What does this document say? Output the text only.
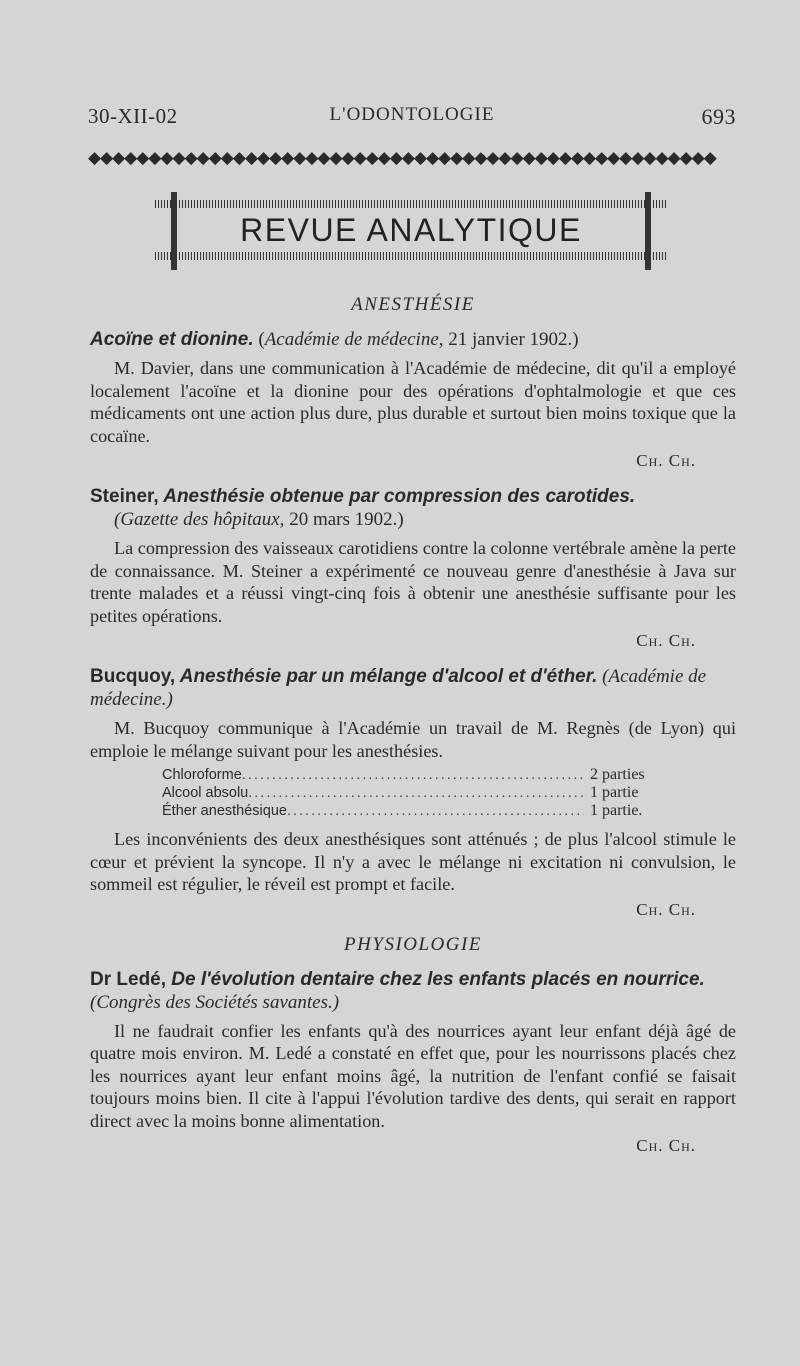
30-XII-02	L'ODONTOLOGIE	693
◆◆◆◆◆◆◆◆◆◆◆◆◆◆◆◆◆◆◆◆◆◆◆◆◆◆◆◆◆◆◆◆◆◆◆◆◆◆◆◆◆◆◆◆◆◆◆◆◆◆◆◆
REVUE ANALYTIQUE
ANESTHÉSIE
Acoïne et dionine. (Académie de médecine, 21 janvier 1902.)

M. Davier, dans une communication à l'Académie de médecine, dit qu'il a employé localement l'acoïne et la dionine pour des opérations d'ophtalmologie et que ces médicaments ont une action plus dure, plus durable et surtout bien moins toxique que la cocaïne.

Ch. Ch.
Steiner, Anesthésie obtenue par compression des carotides.
(Gazette des hôpitaux, 20 mars 1902.)

La compression des vaisseaux carotidiens contre la colonne vertébrale amène la perte de connaissance. M. Steiner a expérimenté ce nouveau genre d'anesthésie à Java sur trente malades et a réussi vingt-cinq fois à obtenir une anesthésie suffisante pour les petites opérations.

Ch. Ch.
Bucquoy, Anesthésie par un mélange d'alcool et d'éther. (Académie de médecine.)

M. Bucquoy communique à l'Académie un travail de M. Regnès (de Lyon) qui emploie le mélange suivant pour les anesthésies.

Chloroforme .....	2 parties
Alcool absolu .....	1 partie
Éther anesthésique .....	1 partie.

Les inconvénients des deux anesthésiques sont atténués ; de plus l'alcool stimule le cœur et prévient la syncope. Il n'y a avec le mélange ni excitation ni convulsion, le sommeil est régulier, le réveil est prompt et facile.

Ch. Ch.
PHYSIOLOGIE
Dr Ledé, De l'évolution dentaire chez les enfants placés en nourrice. (Congrès des Sociétés savantes.)

Il ne faudrait confier les enfants qu'à des nourrices ayant leur enfant déjà âgé de quatre mois environ. M. Ledé a constaté en effet que, pour les nourrissons placés chez les nourrices ayant leur enfant moins âgé, la nutrition de l'enfant confié se faisait toujours moins bien. Il cite à l'appui l'évolution tardive des dents, qui serait en rapport direct avec la moins bonne alimentation.

Ch. Ch.
